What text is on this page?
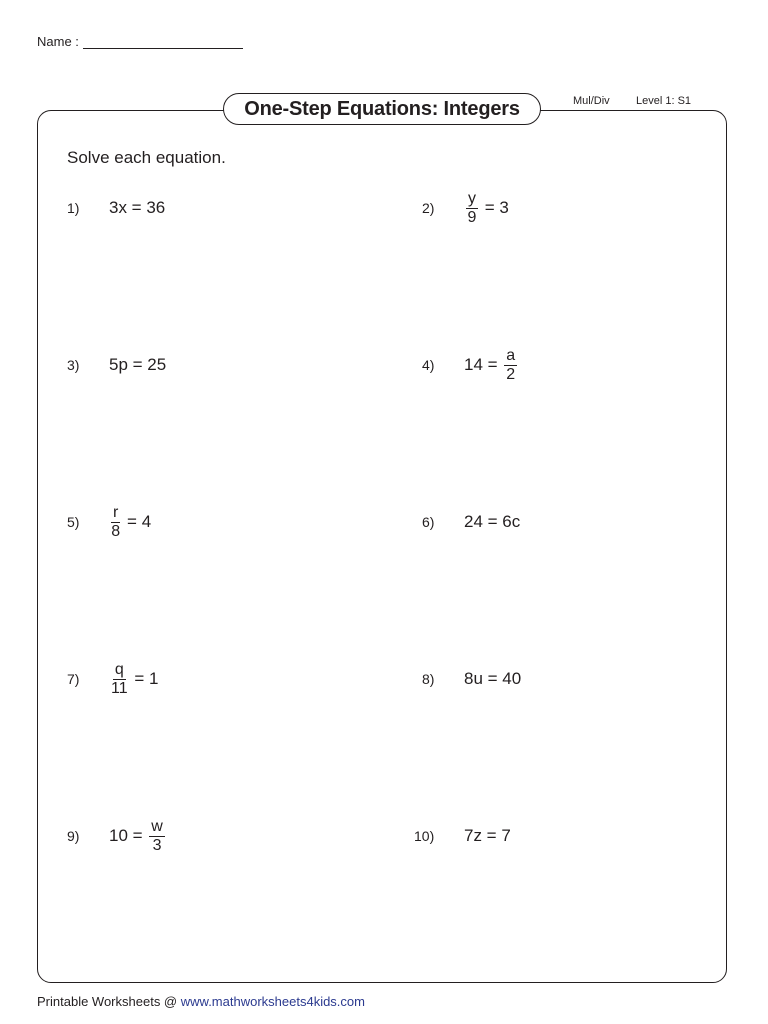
Name :
One-Step Equations: Integers	Mul/Div Level 1: S1
Solve each equation.
1)	3x = 36	2)	$\frac{y}{9} = 3$
3)	5p = 25	4)	$14 = \frac{a}{2}$
5)	$\frac{r}{8} = 4$	6)	24 = 6c
7)	$\frac{q}{11} = 1$	8)	8u = 40
9)	$10 = \frac{w}{3}$	10)	7z = 7
Printable Worksheets @ www.mathworksheets4kids.com
